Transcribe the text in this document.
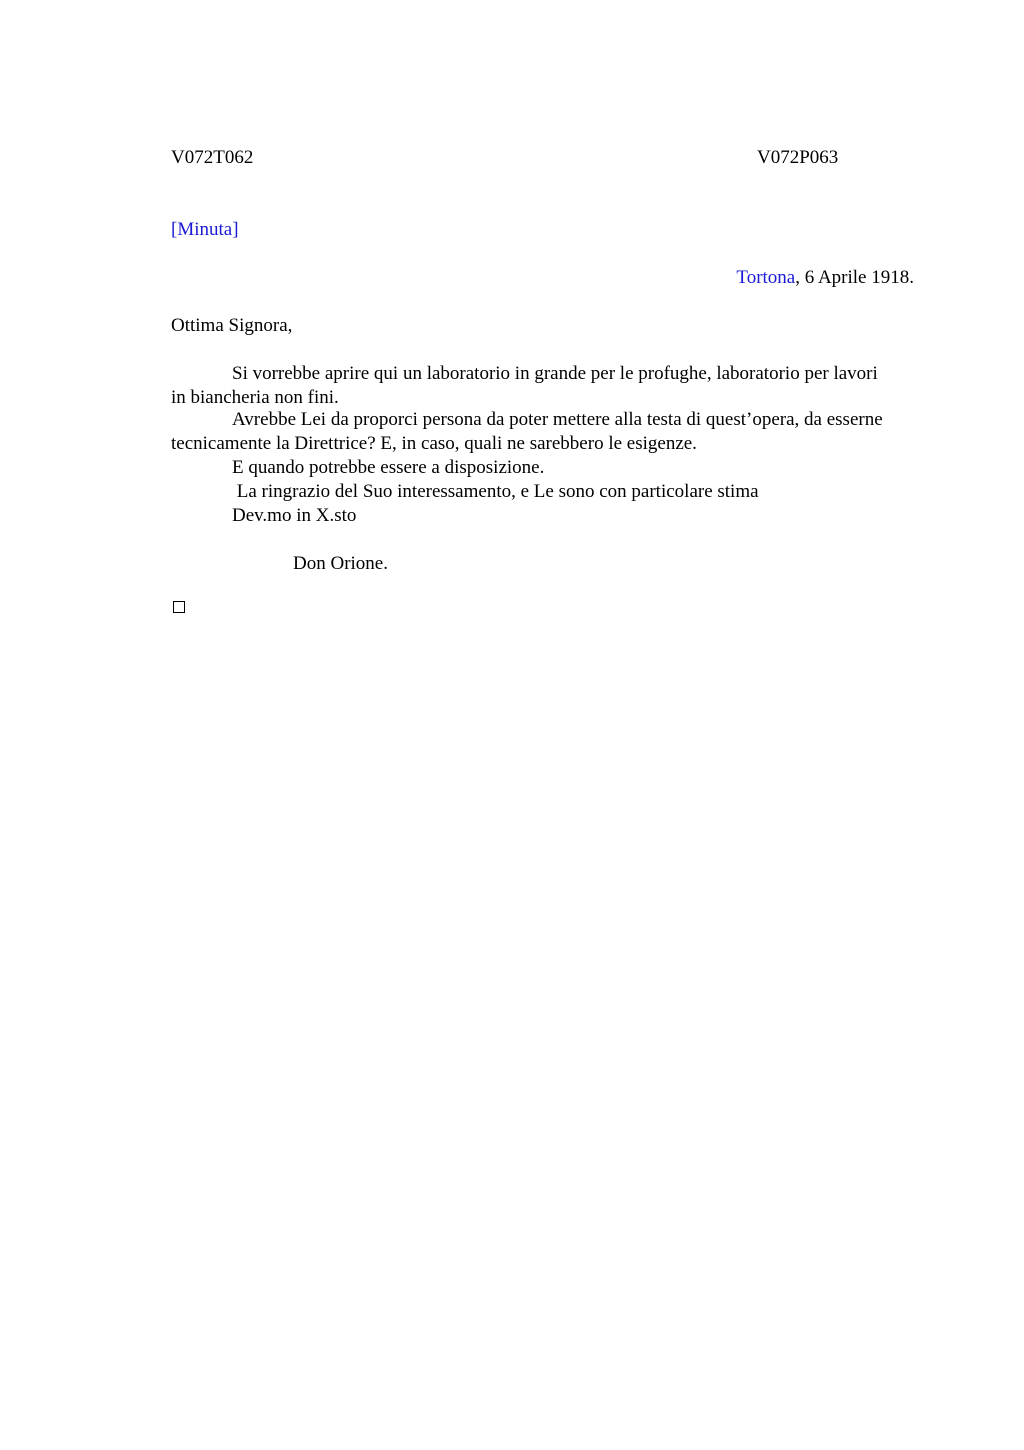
V072T062	V072P063
[Minuta]
Tortona, 6 Aprile 1918.
Ottima Signora,
Si vorrebbe aprire qui un laboratorio in grande per le profughe, laboratorio per lavori in biancheria non fini.
Avrebbe Lei da proporci persona da poter mettere alla testa di quest’opera, da esserne tecnicamente la Direttrice? E, in caso, quali ne sarebbero le esigenze.
E quando potrebbe essere a disposizione.
La ringrazio del Suo interessamento, e Le sono con particolare stima
Dev.mo in X.sto
Don Orione.
